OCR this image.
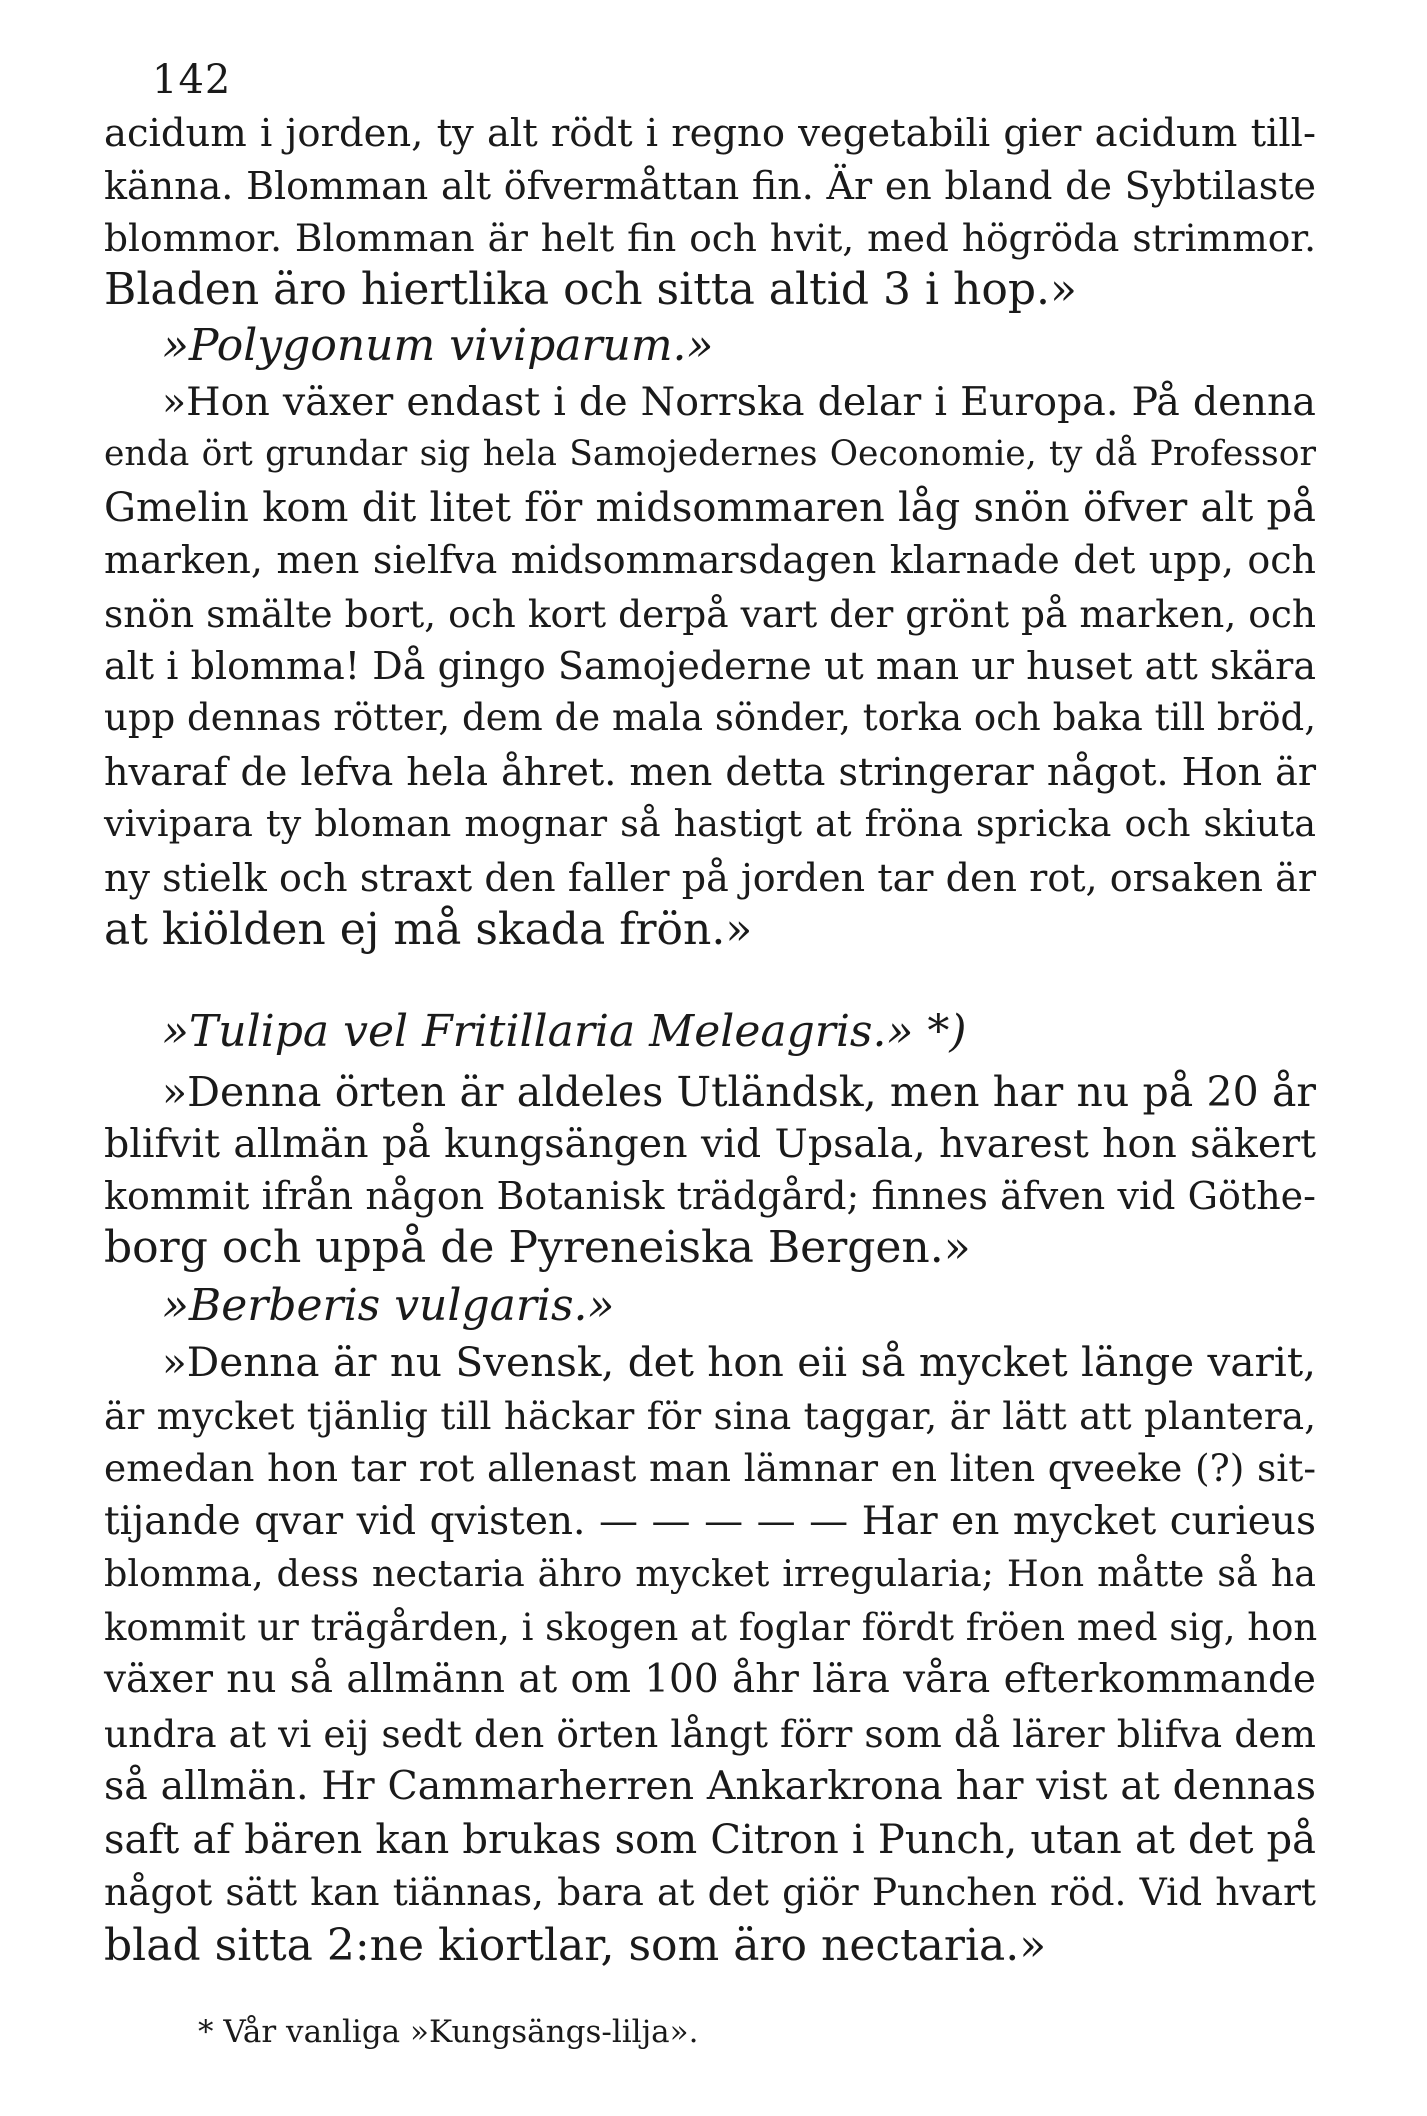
142
acidum i jorden, ty alt rödt i regno vegetabili gier acidum till-
känna. Blomman alt öfvermåttan fin. Är en bland de Sybtilaste
blommor. Blomman är helt fin och hvit, med högröda strimmor.
Bladen äro hiertlika och sitta altid 3 i hop.»
»Polygonum viviparum.»
»Hon växer endast i de Norrska delar i Europa. På denna
enda ört grundar sig hela Samojedernes Oeconomie, ty då Professor
Gmelin kom dit litet för midsommaren låg snön öfver alt på
marken, men sielfva midsommarsdagen klarnade det upp, och
snön smälte bort, och kort derpå vart der grönt på marken, och
alt i blomma! Då gingo Samojederne ut man ur huset att skära
upp dennas rötter, dem de mala sönder, torka och baka till bröd,
hvaraf de lefva hela åhret. men detta stringerar något. Hon är
vivipara ty bloman mognar så hastigt at fröna spricka och skiuta
ny stielk och straxt den faller på jorden tar den rot, orsaken är
at kiölden ej må skada frön.»
»Tulipa vel Fritillaria Meleagris.» *)
»Denna örten är aldeles Utländsk, men har nu på 20 år
blifvit allmän på kungsängen vid Upsala, hvarest hon säkert
kommit ifrån någon Botanisk trädgård; finnes äfven vid Göthe-
borg och uppå de Pyreneiska Bergen.»
»Berberis vulgaris.»
»Denna är nu Svensk, det hon eii så mycket länge varit,
är mycket tjänlig till häckar för sina taggar, är lätt att plantera,
emedan hon tar rot allenast man lämnar en liten qveeke (?) sit-
tijande qvar vid qvisten. — — — — — Har en mycket curieus
blomma, dess nectaria ähro mycket irregularia; Hon måtte så ha
kommit ur trägården, i skogen at foglar fördt fröen med sig, hon
växer nu så allmänn at om 100 åhr lära våra efterkommande
undra at vi eij sedt den örten långt förr som då lärer blifva dem
så allmän. Hr Cammarherren Ankarkrona har vist at dennas
saft af bären kan brukas som Citron i Punch, utan at det på
något sätt kan tiännas, bara at det giör Punchen röd. Vid hvart
blad sitta 2:ne kiortlar, som äro nectaria.»
* Vår vanliga »Kungsängs-lilja».
